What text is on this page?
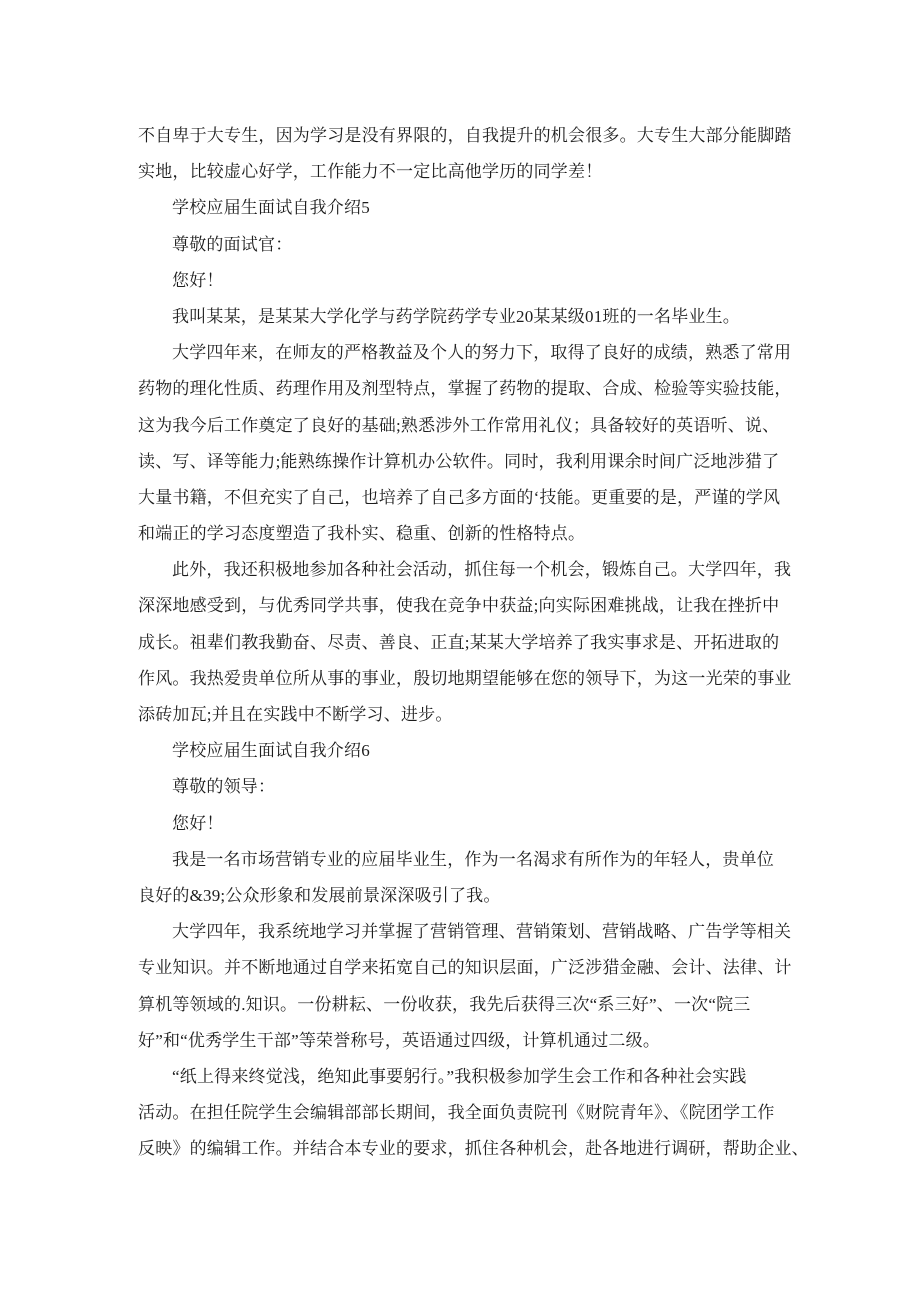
不自卑于大专生，因为学习是没有界限的，自我提升的机会很多。大专生大部分能脚踏
实地，比较虚心好学，工作能力不一定比高他学历的同学差！
学校应届生面试自我介绍5
尊敬的面试官：
您好！
我叫某某，是某某大学化学与药学院药学专业20某某级01班的一名毕业生。
大学四年来，在师友的严格教益及个人的努力下，取得了良好的成绩，熟悉了常用
药物的理化性质、药理作用及剂型特点，掌握了药物的提取、合成、检验等实验技能，
这为我今后工作奠定了良好的基础;熟悉涉外工作常用礼仪；具备较好的英语听、说、
读、写、译等能力;能熟练操作计算机办公软件。同时，我利用课余时间广泛地涉猎了
大量书籍，不但充实了自己，也培养了自己多方面的‘技能。更重要的是，严谨的学风
和端正的学习态度塑造了我朴实、稳重、创新的性格特点。
此外，我还积极地参加各种社会活动，抓住每一个机会，锻炼自己。大学四年，我
深深地感受到，与优秀同学共事，使我在竞争中获益;向实际困难挑战，让我在挫折中
成长。祖辈们教我勤奋、尽责、善良、正直;某某大学培养了我实事求是、开拓进取的
作风。我热爱贵单位所从事的事业，殷切地期望能够在您的领导下，为这一光荣的事业
添砖加瓦;并且在实践中不断学习、进步。
学校应届生面试自我介绍6
尊敬的领导：
您好！
我是一名市场营销专业的应届毕业生，作为一名渴求有所作为的年轻人，贵单位
良好的&39;公众形象和发展前景深深吸引了我。
大学四年，我系统地学习并掌握了营销管理、营销策划、营销战略、广告学等相关
专业知识。并不断地通过自学来拓宽自己的知识层面，广泛涉猎金融、会计、法律、计
算机等领域的.知识。一份耕耘、一份收获，我先后获得三次“系三好”、一次“院三
好”和“优秀学生干部”等荣誉称号，英语通过四级，计算机通过二级。
“纸上得来终觉浅，绝知此事要躬行。”我积极参加学生会工作和各种社会实践
活动。在担任院学生会编辑部部长期间，我全面负责院刊《财院青年》、《院团学工作
反映》的编辑工作。并结合本专业的要求，抓住各种机会，赴各地进行调研，帮助企业、
